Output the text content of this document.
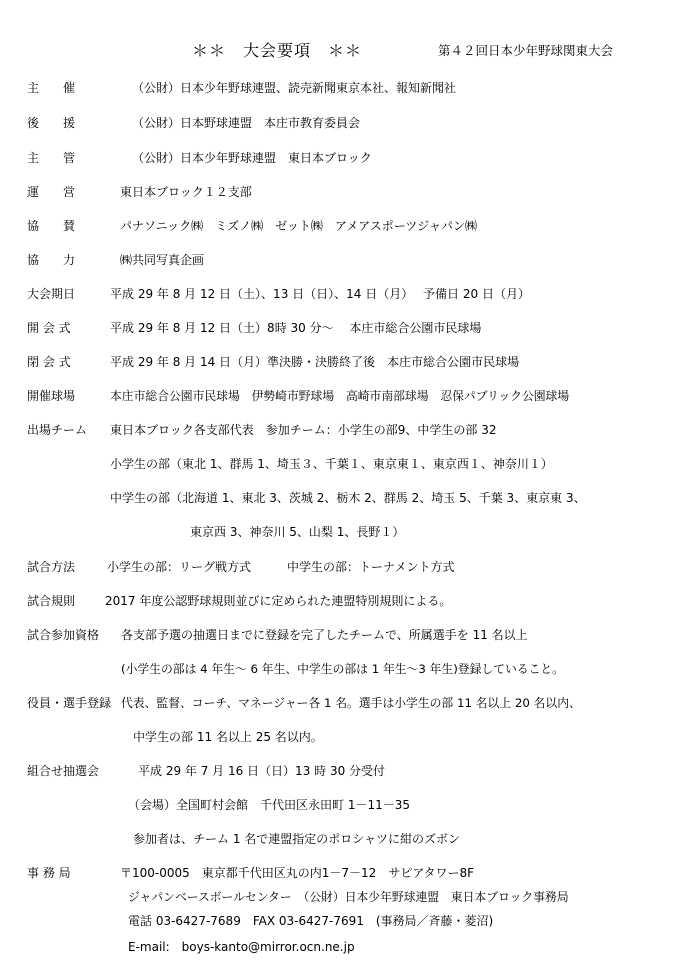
＊＊　大会要項　＊＊	第４２回日本少年野球関東大会
主　　催	（公財）日本少年野球連盟、読売新聞東京本社、報知新聞社
後　　援	（公財）日本野球連盟　本庄市教育委員会
主　　管	（公財）日本少年野球連盟　東日本ブロック
運　　営	東日本ブロック１２支部
協　　賛	パナソニック㈱　ミズノ㈱　ゼット㈱　アメアスポーツジャパン㈱
協　　力	㈱共同写真企画
大会期日	平成 29 年 8 月 12 日（土）、13 日（日）、14 日（月）　 予備日 20 日（月）
開 会 式	平成 29 年 8 月 12 日（土）8時 30 分～　 本庄市総合公園市民球場
閉 会 式	平成 29 年 8 月 14 日（月）準決勝・決勝終了後　本庄市総合公園市民球場
開催球場	本庄市総合公園市民球場　伊勢崎市野球場　高崎市南部球場　忍保パブリック公園球場
出場チーム 東日本ブロック各支部代表　参加チーム：小学生の部9、中学生の部 32
小学生の部（東北 1、群馬 1、埼玉３、千葉１、東京東１、東京西１、神奈川１）
中学生の部（北海道 1、東北 3、茨城 2、栃木 2、群馬 2、埼玉 5、千葉 3、東京東 3、
東京西 3、神奈川 5、山梨 1、長野１）
試合方法	小学生の部：リーグ戦方式　　　中学生の部：トーナメント方式
試合規則 2017 年度公認野球規則並びに定められた連盟特別規則による。
試合参加資格 各支部予選の抽選日までに登録を完了したチームで、所属選手を 11 名以上
(小学生の部は 4 年生～ 6 年生、中学生の部は 1 年生～3 年生)登録していること。
役員・選手登録 代表、監督、コーチ、マネージャー各 1 名。選手は小学生の部 11 名以上 20 名以内、
中学生の部 11 名以上 25 名以内。
組合せ抽選会	平成 29 年 7 月 16 日（日）13 時 30 分受付
（会場）全国町村会館　千代田区永田町 1－11－35
参加者は、チーム 1 名で連盟指定のポロシャツに紺のズボン
事 務 局	〒100-0005　東京都千代田区丸の内1－7－12　サピアタワー8F
ジャパンベースボールセンター　（公財）日本少年野球連盟　東日本ブロック事務局
電話 03-6427-7689　FAX 03-6427-7691　(事務局／斉藤・菱沼)
E-mail:　boys-kanto@mirror.ocn.ne.jp
